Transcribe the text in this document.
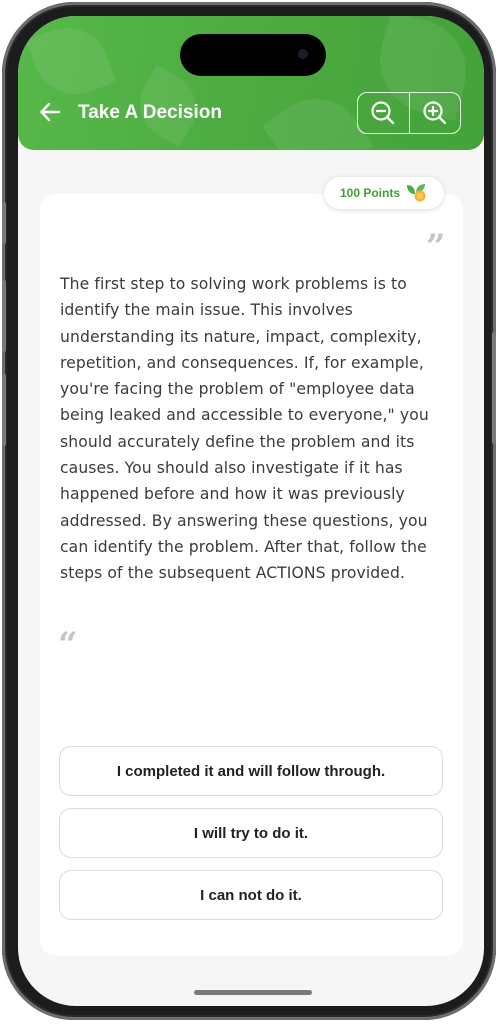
Take A Decision
100 Points
”
The first step to solving work problems is to identify the main issue. This involves understanding its nature, impact, complexity, repetition, and consequences. If, for example, you're facing the problem of "employee data being leaked and accessible to everyone," you should accurately define the problem and its causes. You should also investigate if it has happened before and how it was previously addressed. By answering these questions, you can identify the problem. After that, follow the steps of the subsequent ACTIONS provided.
“
I completed it and will follow through.
I will try to do it.
I can not do it.
